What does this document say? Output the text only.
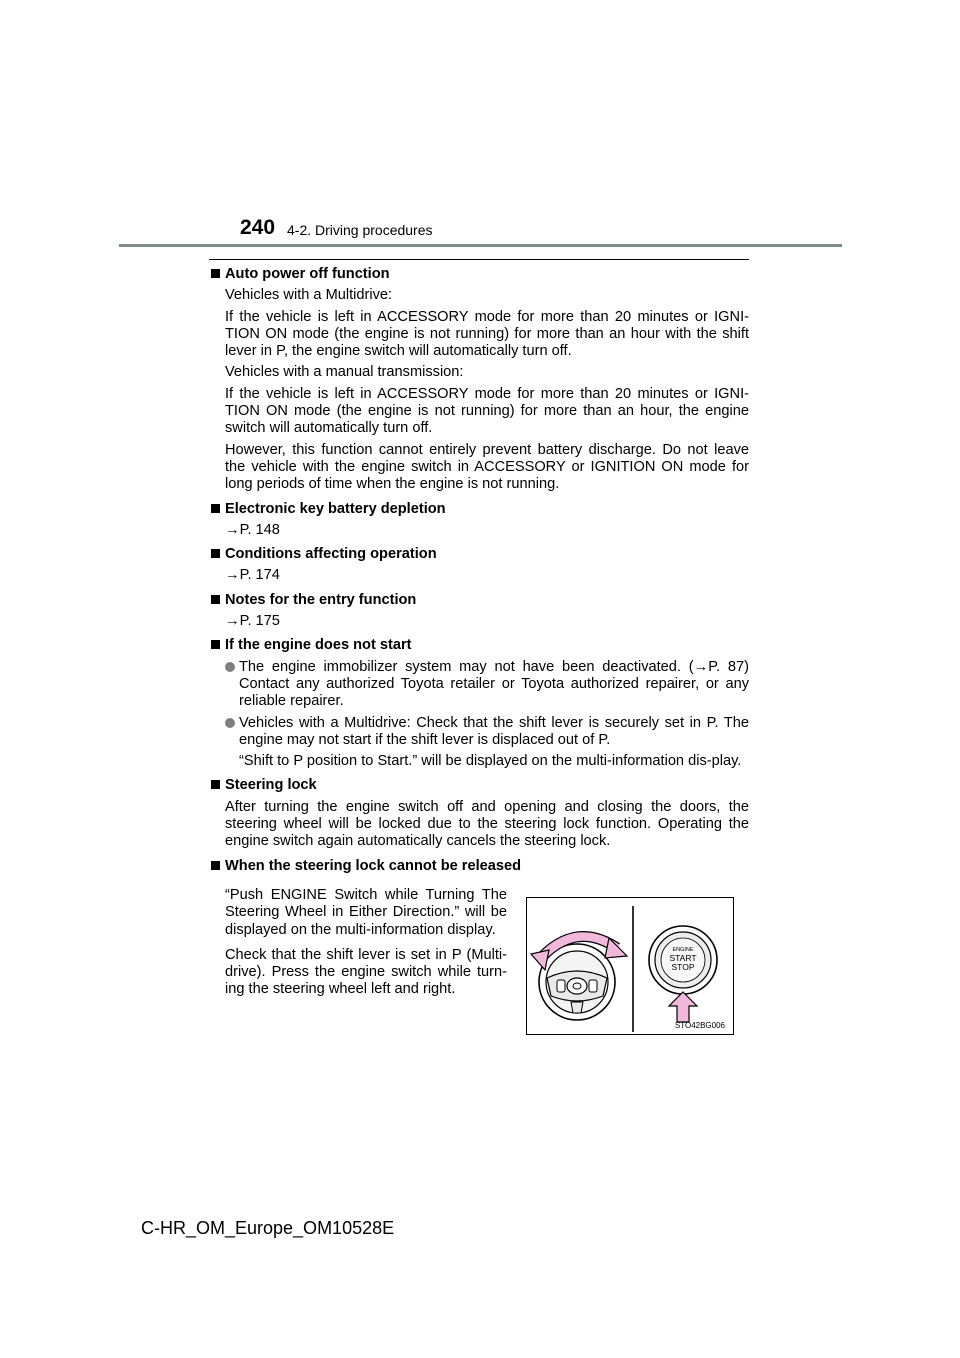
240 4-2. Driving procedures
Auto power off function
Vehicles with a Multidrive:
If the vehicle is left in ACCESSORY mode for more than 20 minutes or IGNI-TION ON mode (the engine is not running) for more than an hour with the shift lever in P, the engine switch will automatically turn off.
Vehicles with a manual transmission:
If the vehicle is left in ACCESSORY mode for more than 20 minutes or IGNI-TION ON mode (the engine is not running) for more than an hour, the engine switch will automatically turn off.
However, this function cannot entirely prevent battery discharge. Do not leave the vehicle with the engine switch in ACCESSORY or IGNITION ON mode for long periods of time when the engine is not running.
Electronic key battery depletion
→P. 148
Conditions affecting operation
→P. 174
Notes for the entry function
→P. 175
If the engine does not start
The engine immobilizer system may not have been deactivated. (→P. 87) Contact any authorized Toyota retailer or Toyota authorized repairer, or any reliable repairer.
Vehicles with a Multidrive: Check that the shift lever is securely set in P. The engine may not start if the shift lever is displaced out of P.
“Shift to P position to Start.” will be displayed on the multi-information dis-play.
Steering lock
After turning the engine switch off and opening and closing the doors, the steering wheel will be locked due to the steering lock function. Operating the engine switch again automatically cancels the steering lock.
When the steering lock cannot be released
“Push ENGINE Switch while Turning The Steering Wheel in Either Direction.” will be displayed on the multi-information display.
Check that the shift lever is set in P (Multi-drive). Press the engine switch while turn-ing the steering wheel left and right.
ENGINE
START
STOP
STO42BG006
C-HR_OM_Europe_OM10528E
